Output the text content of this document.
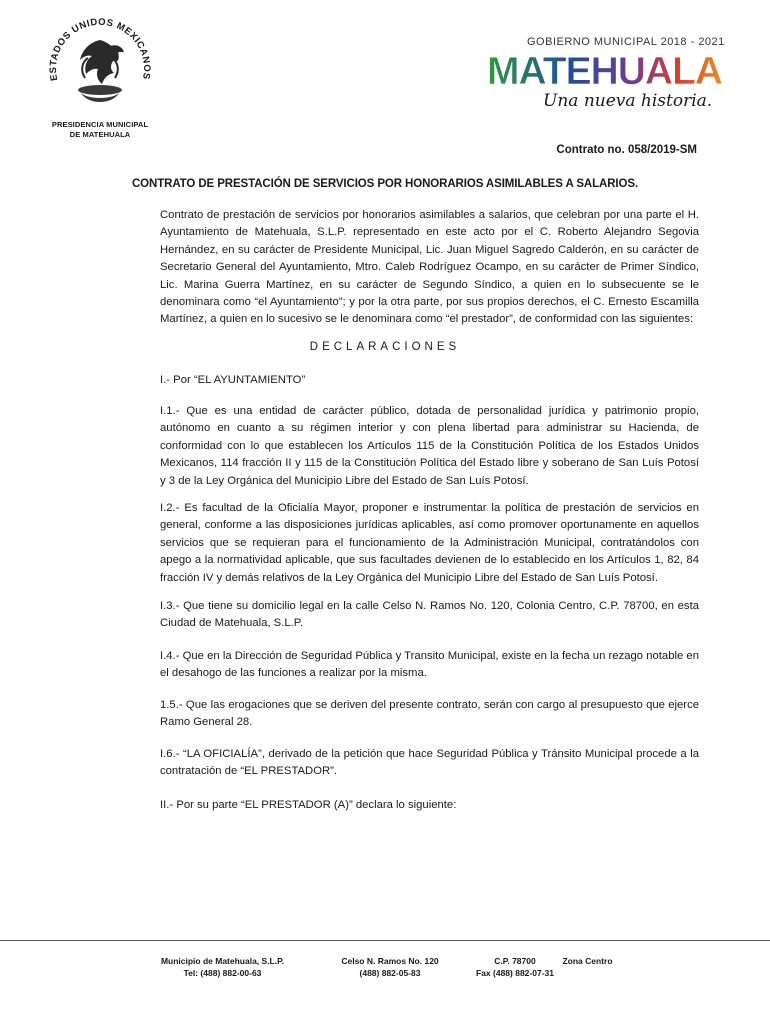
ESTADOS UNIDOS MEXICANOS
PRESIDENCIA MUNICIPAL
DE MATEHUALA
GOBIERNO MUNICIPAL 2018 - 2021
MATEHUALA
Una nueva historia.
Contrato no. 058/2019-SM
CONTRATO DE PRESTACIÓN DE SERVICIOS POR HONORARIOS ASIMILABLES A SALARIOS.
Contrato de prestación de servicios por honorarios asimilables a salarios, que celebran por una parte el H. Ayuntamiento de Matehuala, S.L.P. representado en este acto por el C. Roberto Alejandro Segovia Hernández, en su carácter de Presidente Municipal, Lic. Juan Miguel Sagredo Calderón, en su carácter de Secretario General del Ayuntamiento, Mtro. Caleb Rodríguez Ocampo, en su carácter de Primer Síndico, Lic. Marina Guerra Martínez, en su carácter de Segundo Síndico, a quien en lo subsecuente se le denominara como “el Ayuntamiento”; y por la otra parte, por sus propios derechos, el C. Ernesto Escamilla Martínez, a quien en lo sucesivo se le denominara como “el prestador”, de conformidad con las siguientes:
DECLARACIONES
I.- Por “EL AYUNTAMIENTO”
I.1.- Que es una entidad de carácter público, dotada de personalidad jurídica y patrimonio propio, autónomo en cuanto a su régimen interior y con plena libertad para administrar su Hacienda, de conformidad con lo que establecen los Artículos 115 de la Constitución Política de los Estados Unidos Mexicanos, 114 fracción II y 115 de la Constitución Política del Estado libre y soberano de San Luís Potosí y 3 de la Ley Orgánica del Municipio Libre del Estado de San Luís Potosí.
I.2.- Es facultad de la Oficialía Mayor, proponer e instrumentar la política de prestación de servicios en general, conforme a las disposiciones jurídicas aplicables, así como promover oportunamente en aquellos servicios que se requieran para el funcionamiento de la Administración Municipal, contratándolos con apego a la normatividad aplicable, que sus facultades devienen de lo establecido en los Artículos 1, 82, 84 fracción IV y demás relativos de la Ley Orgánica del Municipio Libre del Estado de San Luís Potosí.
I.3.- Que tiene su domicilio legal en la calle Celso N. Ramos No. 120, Colonia Centro, C.P. 78700, en esta Ciudad de Matehuala, S.L.P.
I.4.- Que en la Dirección de Seguridad Pública y Transito Municipal, existe en la fecha un rezago notable en el desahogo de las funciones a realizar por la misma.
1.5.- Que las erogaciones que se deriven del presente contrato, serán con cargo al presupuesto que ejerce Ramo General 28.
I.6.- “LA OFICIALÍA”, derivado de la petición que hace Seguridad Pública y Tránsito Municipal procede a la contratación de “EL PRESTADOR”.
II.- Por su parte “EL PRESTADOR (A)” declara lo siguiente:
Municipio de Matehuala, S.L.P.
Tel: (488) 882-00-63
Celso N. Ramos No. 120
(488) 882-05-83
C.P. 78700
Fax (488) 882-07-31
Zona Centro
